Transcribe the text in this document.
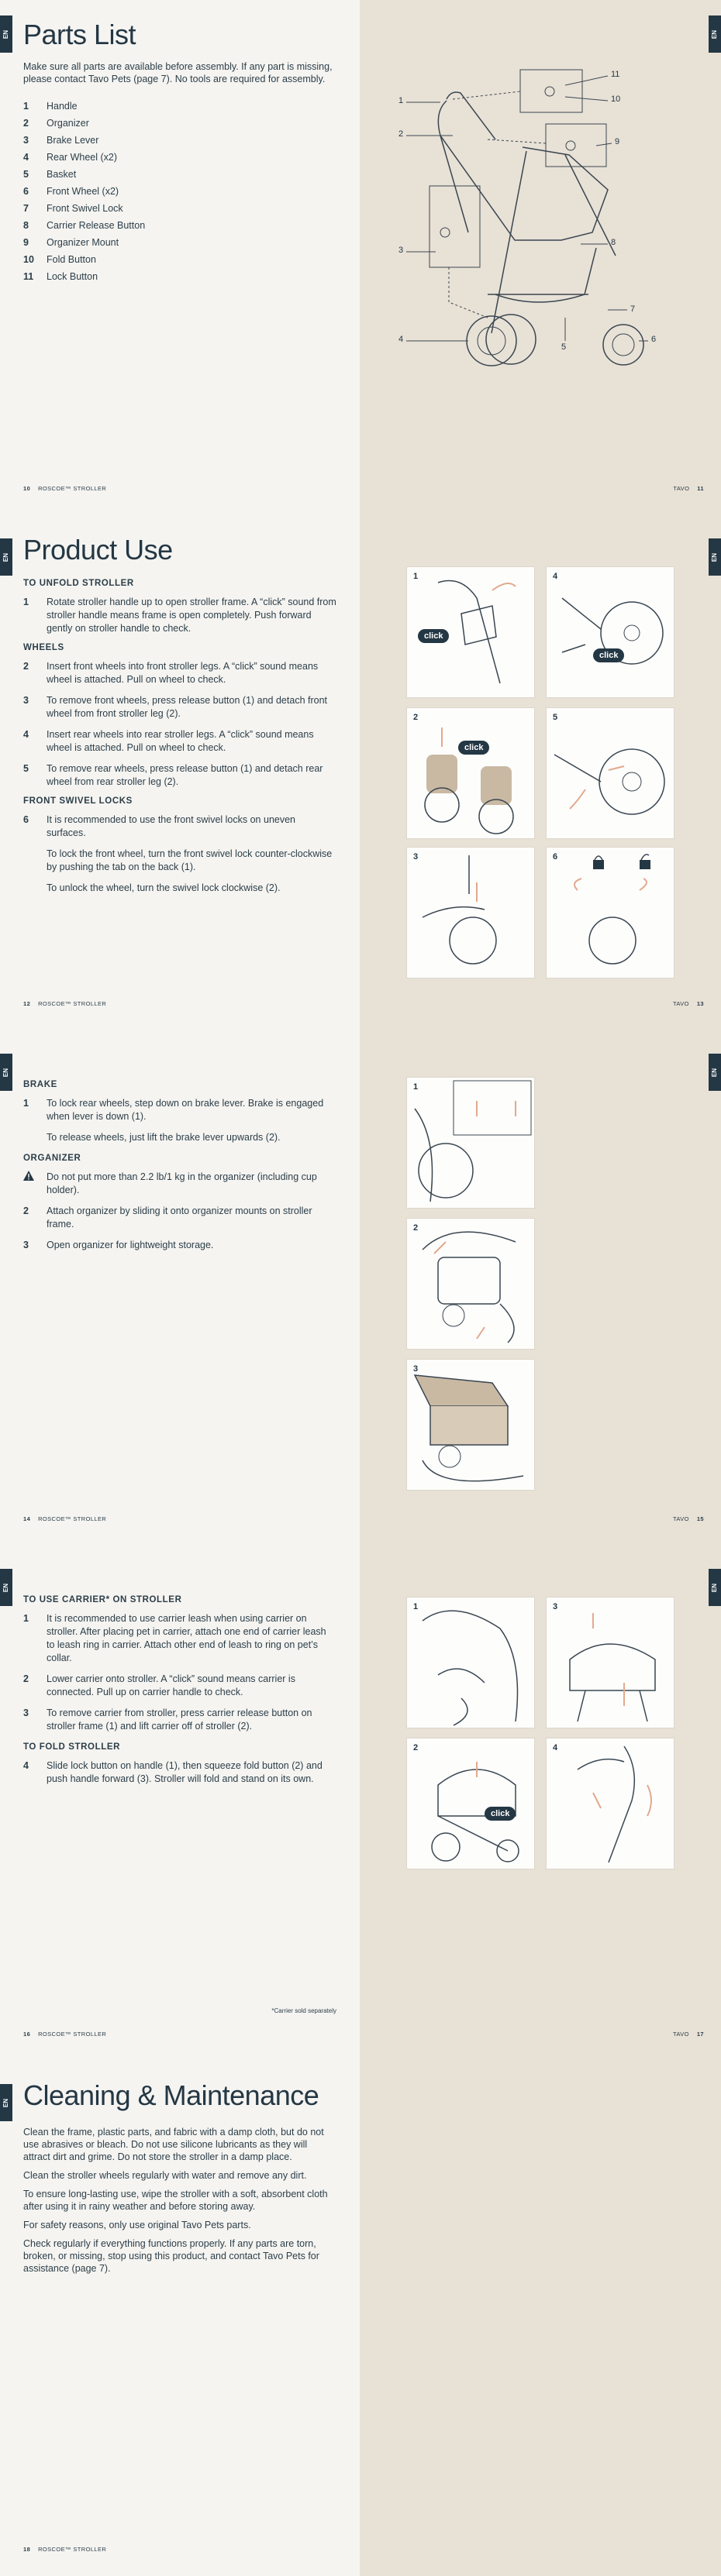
EN Parts List

Make sure all parts are available before assembly. If any part is missing, please contact Tavo Pets (page 7). No tools are required for assembly.

1	Handle
2	Organizer
3	Brake Lever
4	Rear Wheel (x2)
5	Basket
6	Front Wheel (x2)
7	Front Swivel Lock
8	Carrier Release Button
9	Organizer Mount
10	Fold Button
11	Lock Button
10 ROSCOE™ STROLLER
EN
1
2
3
4
5
6
7
8
9
10
11
TAVO 11
EN Product Use
TO UNFOLD STROLLER
1	Rotate stroller handle up to open stroller frame. A “click” sound from stroller handle means frame is open completely. Push forward gently on stroller handle to check.
WHEELS
2	Insert front wheels into front stroller legs. A “click” sound means wheel is attached. Pull on wheel to check.
3	To remove front wheels, press release button (1) and detach front wheel from front stroller leg (2).
4	Insert rear wheels into rear stroller legs. A “click” sound means wheel is attached. Pull on wheel to check.
5	To remove rear wheels, press release button (1) and detach rear wheel from rear stroller leg (2).
FRONT SWIVEL LOCKS
6	It is recommended to use the front swivel locks on uneven surfaces.

To lock the front wheel, turn the front swivel lock counter-clockwise by pushing the tab on the back (1).

To unlock the wheel, turn the swivel lock clockwise (2).

12 ROSCOE™ STROLLER
EN
1
click
4
click
2
click
5
3	6
TAVO 13
EN
BRAKE
1	To lock rear wheels, step down on brake lever. Brake is engaged when lever is down (1).

To release wheels, just lift the brake lever upwards (2).

ORGANIZER
Do not put more than 2.2 lb/1 kg in the organizer (including cup holder).
2	Attach organizer by sliding it onto organizer mounts on stroller frame.
3	Open organizer for lightweight storage.
14 ROSCOE™ STROLLER
EN
1
2
3
TAVO 15
EN
TO USE CARRIER* ON STROLLER
1	It is recommended to use carrier leash when using carrier on stroller. After placing pet in carrier, attach one end of carrier leash to leash ring in carrier. Attach other end of leash to ring on pet’s collar.
2	Lower carrier onto stroller. A “click” sound means carrier is connected. Pull up on carrier handle to check.
3	To remove carrier from stroller, press carrier release button on stroller frame (1) and lift carrier off of stroller (2).
TO FOLD STROLLER
4	Slide lock button on handle (1), then squeeze fold button (2) and push handle forward (3). Stroller will fold and stand on its own.
*Carrier sold separately
16 ROSCOE™ STROLLER
EN
1	3
2
click
4
TAVO 17
EN Cleaning & Maintenance

Clean the frame, plastic parts, and fabric with a damp cloth, but do not use abrasives or bleach. Do not use silicone lubricants as they will attract dirt and grime. Do not store the stroller in a damp place.

Clean the stroller wheels regularly with water and remove any dirt.

To ensure long-lasting use, wipe the stroller with a soft, absorbent cloth after using it in rainy weather and before storing away.

For safety reasons, only use original Tavo Pets parts.

Check regularly if everything functions properly. If any parts are torn, broken, or missing, stop using this product, and contact Tavo Pets for assistance (page 7).

18 ROSCOE™ STROLLER
